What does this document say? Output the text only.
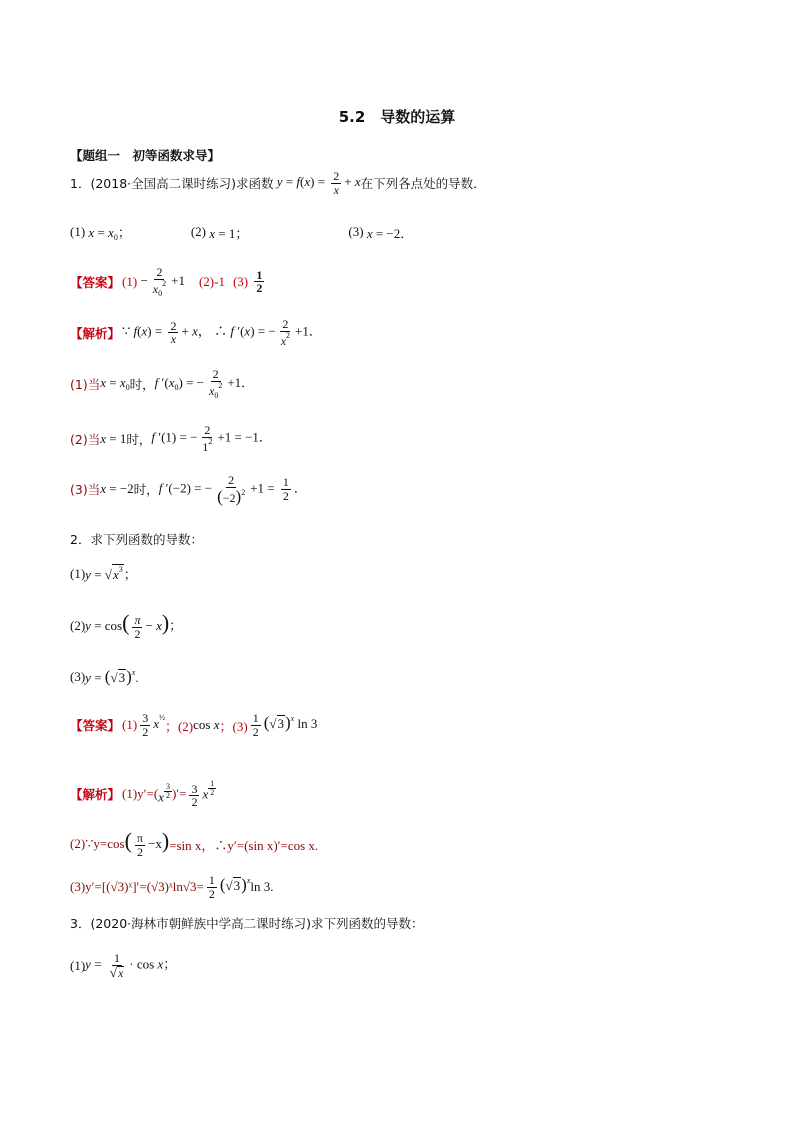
5.2　导数的运算
【题组一　初等函数求导】
1．(2018·全国高二课时练习)求函数 $y = f(x) = \frac{2}{x} + x$ 在下列各点处的导数．
(1) $x = x_0$；	(2) x = 1；	(3) x = −2．
【答案】 $(1) - \frac{2}{x_0^2} +1$ (2)-1 (3)
$\frac{1}{2}$
【解析】 ∵ $f(x) = \frac{2}{x} + x$， ∴ f ′(x) = − $\frac{2}{x^2} +1$．
(1)当 $x = x_0$ 时， f $'(x_0)$ = − $\frac{2}{x_0^2} +1$．
(2)当 x = 1 时， f ′(1) = − $\frac{2}{1^2} +1 = -1$．
(3)当 x = −2 时， f ′(−2) = − $\frac{2}{(-2)^2} +1 = \frac{1}{2}$ ．
2．求下列函数的导数：
(1) $y = √x^3$；
(2) $y = \cos( \frac{\pi}{2} - x)$；
(3) $y = (√3)^x$.
【答案】 $(1) \frac{3}{2} x^{\frac{1}{2}}$
；(2) cos x ；$(3) \frac{1}{2} (√3)^x$ ln 3
【解析】 (1)y′=( x $^{\frac{3}{2}}$ )′= $\frac{3}{2}$ x $^{\frac{1}{2}}$
(2)∵y=cos ( $\frac{\pi}{2} -x) =\sin$ x，∴y′=(sin x)′=cos x.
(3)y′=[(√3)ˣ]′=(√3)ˣln√3= $\frac{1}{2} (√3)^x$ ln 3.
3．(2020·海林市朝鲜族中学高二课时练习)求下列函数的导数：
(1) $y = \frac{1}{√x} \cdot \cos x$；
